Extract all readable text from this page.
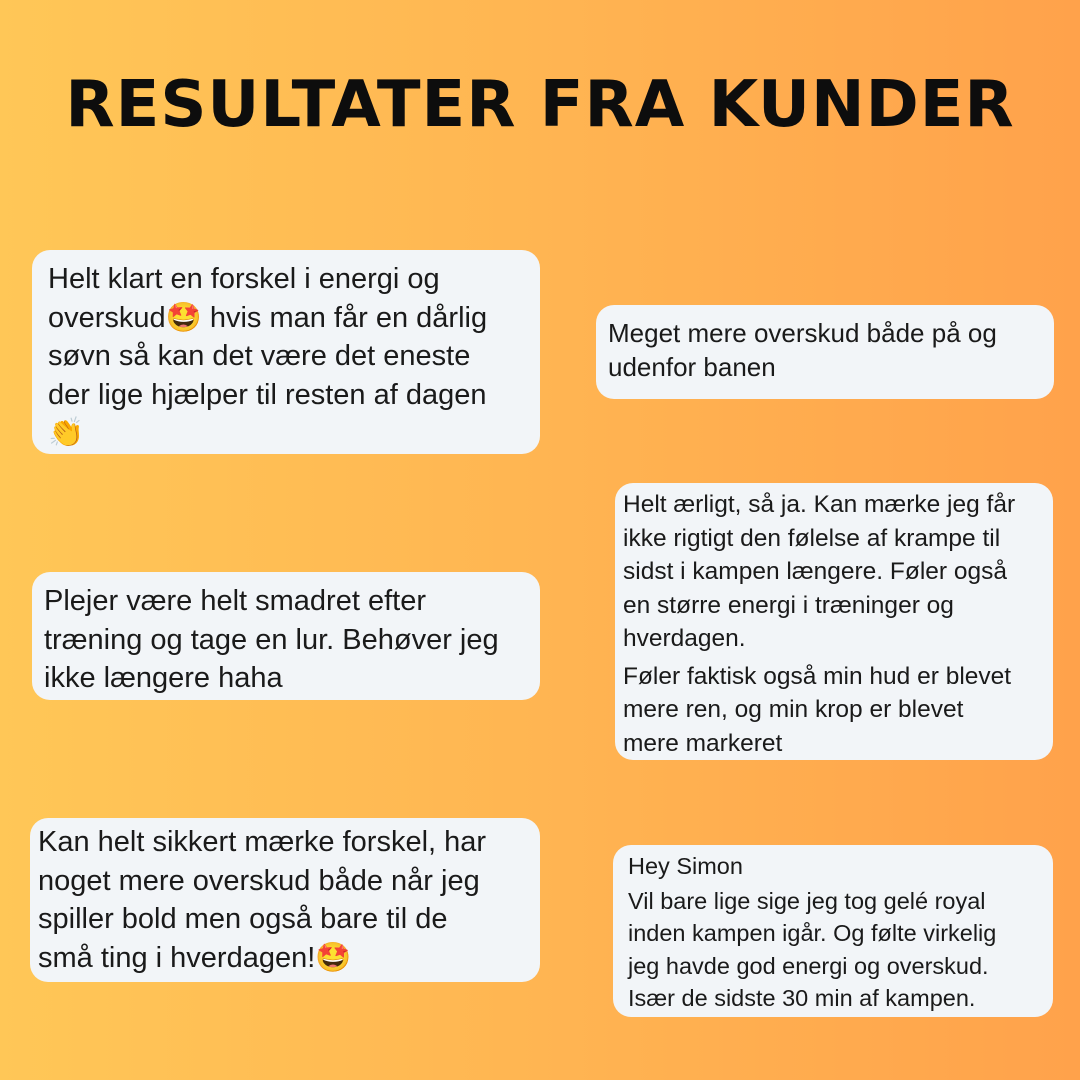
RESULTATER FRA KUNDER

Helt klart en forskel i energi og
overskud🤩 hvis man får en dårlig
søvn så kan det være det eneste
der lige hjælper til resten af dagen
👏

Meget mere overskud både på og
udenfor banen

Helt ærligt, så ja. Kan mærke jeg får
ikke rigtigt den følelse af krampe til
sidst i kampen længere. Føler også
en større energi i træninger og
hverdagen.

Føler faktisk også min hud er blevet
mere ren, og min krop er blevet
mere markeret

Plejer være helt smadret efter
træning og tage en lur. Behøver jeg
ikke længere haha

Kan helt sikkert mærke forskel, har
noget mere overskud både når jeg
spiller bold men også bare til de
små ting i hverdagen!🤩

Hey Simon

Vil bare lige sige jeg tog gelé royal
inden kampen igår. Og følte virkelig
jeg havde god energi og overskud.
Især de sidste 30 min af kampen.
